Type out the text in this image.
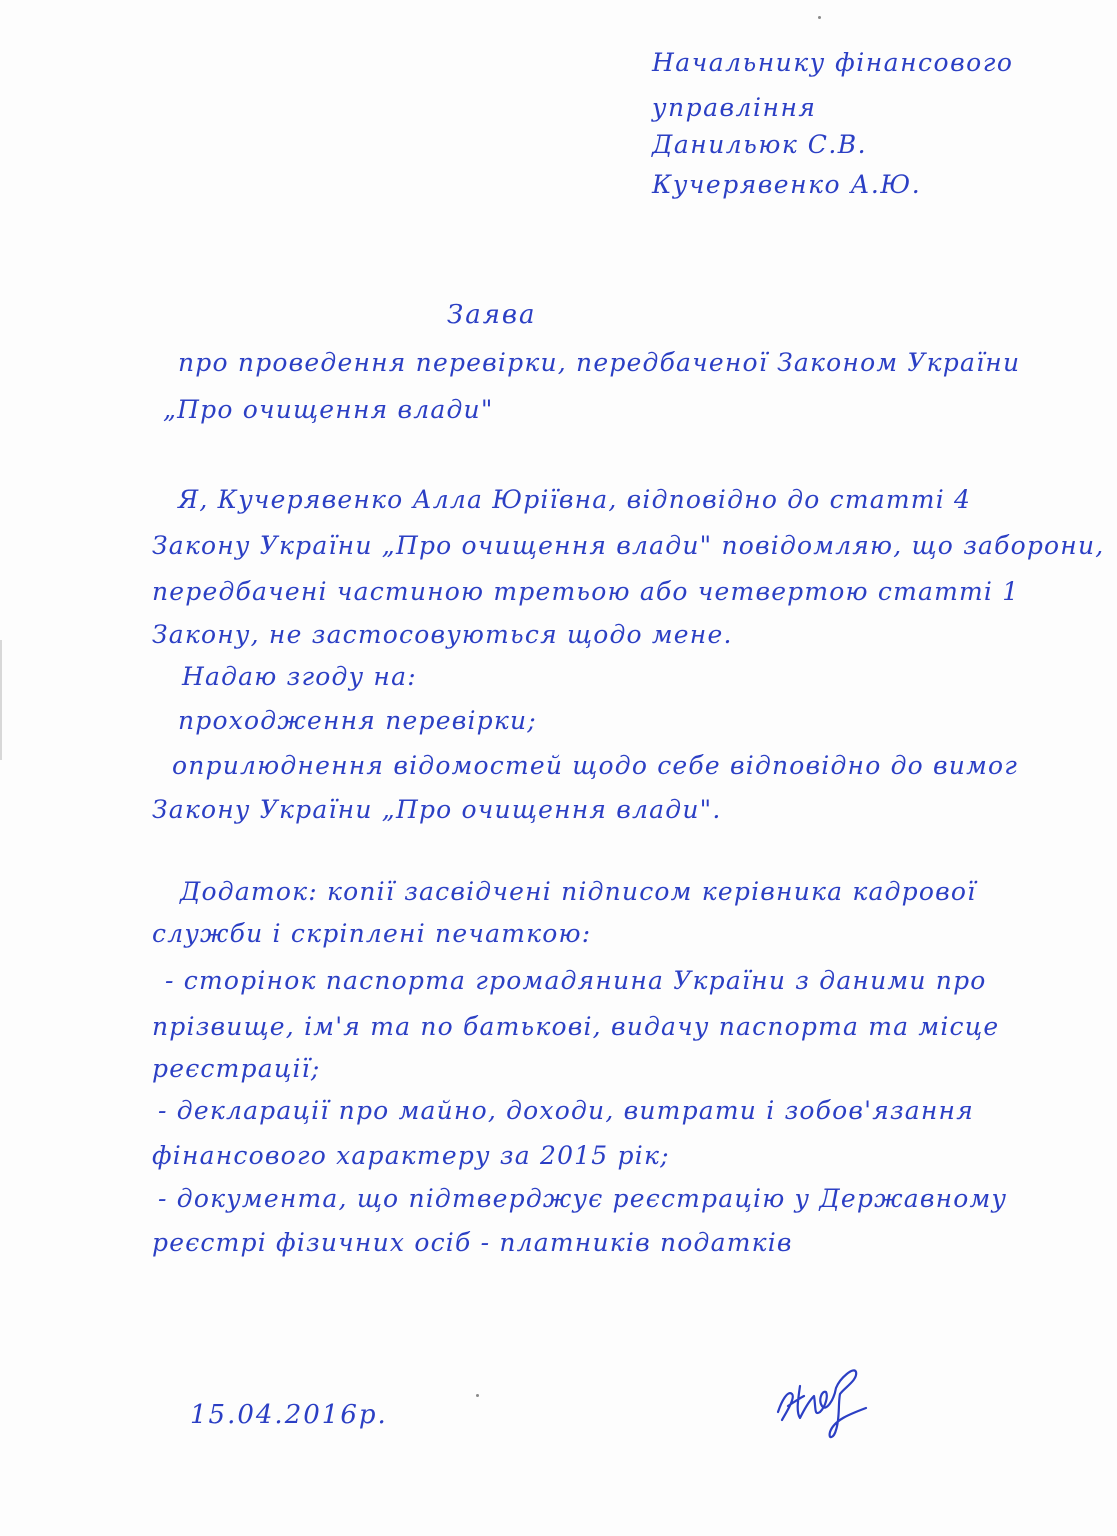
Начальнику фінансового

управління

Данильюк С.В.

Кучерявенко А.Ю.

Заява

про проведення перевірки, передбаченої Законом України

„Про очищення влади"

Я, Кучерявенко Алла Юріївна, відповідно до статті 4

Закону України „Про очищення влади" повідомляю, що заборони,

передбачені частиною третьою або четвертою статті 1

Закону, не застосовуються щодо мене.

Надаю згоду на:

проходження перевірки;

оприлюднення відомостей щодо себе відповідно до вимог

Закону України „Про очищення влади".

Додаток: копії засвідчені підписом керівника кадрової

служби і скріплені печаткою:

- сторінок паспорта громадянина України з даними про

прізвище, ім'я та по батькові, видачу паспорта та місце

реєстрації;

- декларації про майно, доходи, витрати і зобов'язання

фінансового характеру за 2015 рік;

- документа, що підтверджує реєстрацію у Державному

реєстрі фізичних осіб - платників податків

15.04.2016р.
